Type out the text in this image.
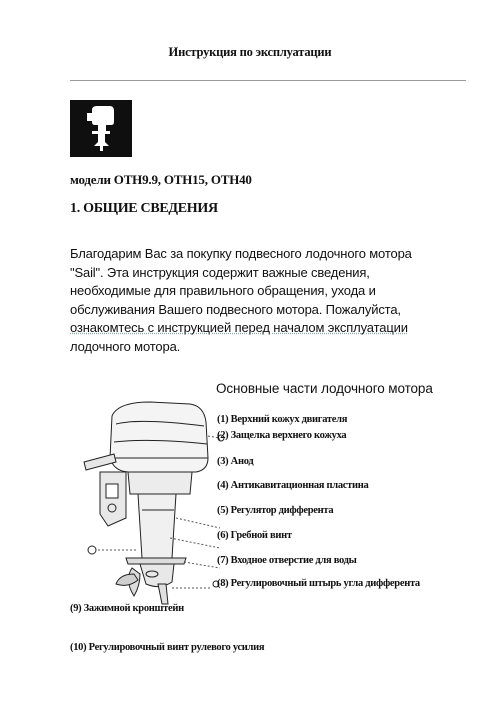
Инструкция по эксплуатации
модели OTH9.9, OTH15, OTH40
1. ОБЩИЕ СВЕДЕНИЯ
Благодарим Вас за покупку подвесного лодочного мотора
"Sail". Эта инструкция содержит важные сведения,
необходимые для правильного обращения, ухода и
обслуживания Вашего подвесного мотора. Пожалуйста,
ознакомтесь с инструкцией перед началом эксплуатации
лодочного мотора.
Основные части лодочного мотора
(1) Верхний кожух двигателя
(2) Защелка верхнего кожуха
(3) Анод
(4) Антикавитационная пластина
(5) Регулятор дифферента
(6) Гребной винт
(7) Входное отверстие для воды
(8) Регулировочный штырь угла дифферента
(9) Зажимной кронштейн
(10) Регулировочный винт рулевого усилия
